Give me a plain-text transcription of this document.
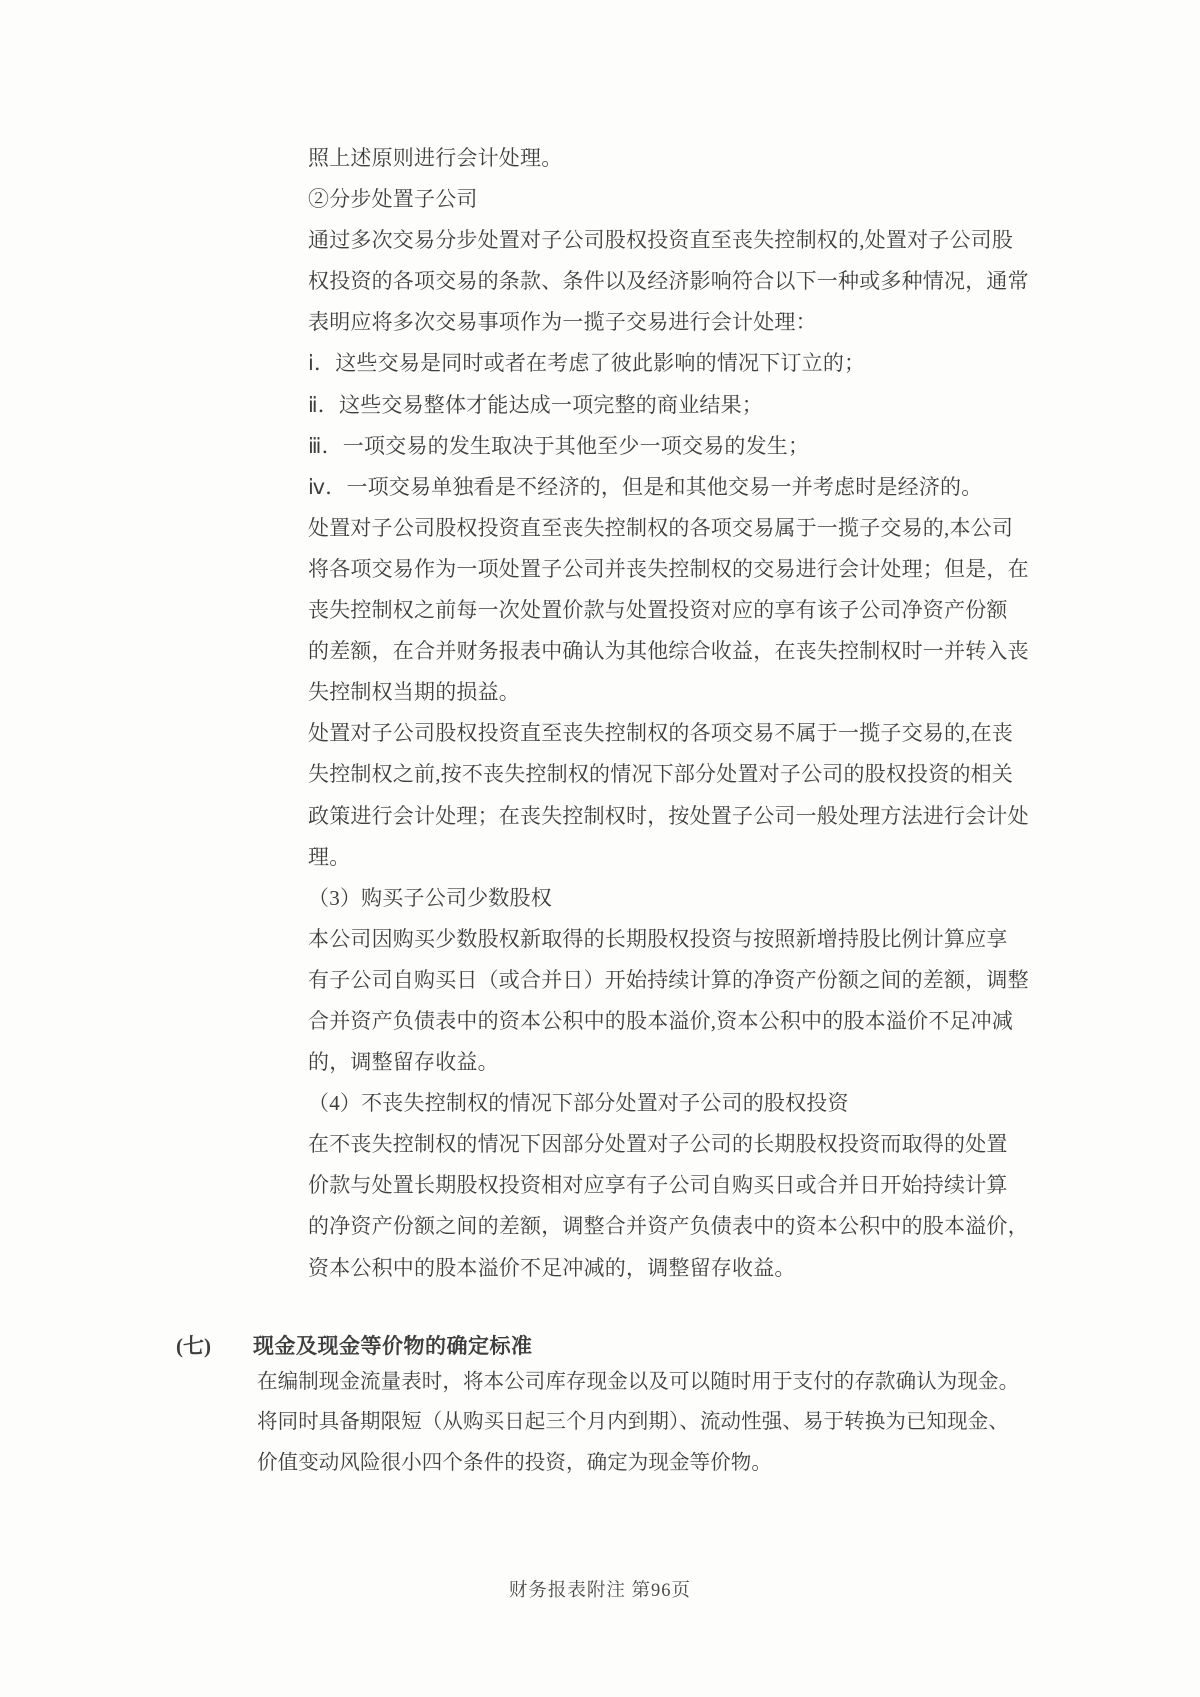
照上述原则进行会计处理。
②分步处置子公司
通过多次交易分步处置对子公司股权投资直至丧失控制权的,处置对子公司股
权投资的各项交易的条款、条件以及经济影响符合以下一种或多种情况，通常
表明应将多次交易事项作为一揽子交易进行会计处理：
ⅰ．这些交易是同时或者在考虑了彼此影响的情况下订立的；
ⅱ．这些交易整体才能达成一项完整的商业结果；
ⅲ．一项交易的发生取决于其他至少一项交易的发生；
ⅳ．一项交易单独看是不经济的，但是和其他交易一并考虑时是经济的。
处置对子公司股权投资直至丧失控制权的各项交易属于一揽子交易的,本公司
将各项交易作为一项处置子公司并丧失控制权的交易进行会计处理；但是，在
丧失控制权之前每一次处置价款与处置投资对应的享有该子公司净资产份额
的差额，在合并财务报表中确认为其他综合收益，在丧失控制权时一并转入丧
失控制权当期的损益。
处置对子公司股权投资直至丧失控制权的各项交易不属于一揽子交易的,在丧
失控制权之前,按不丧失控制权的情况下部分处置对子公司的股权投资的相关
政策进行会计处理；在丧失控制权时，按处置子公司一般处理方法进行会计处
理。
（3）购买子公司少数股权
本公司因购买少数股权新取得的长期股权投资与按照新增持股比例计算应享
有子公司自购买日（或合并日）开始持续计算的净资产份额之间的差额，调整
合并资产负债表中的资本公积中的股本溢价,资本公积中的股本溢价不足冲减
的，调整留存收益。
（4）不丧失控制权的情况下部分处置对子公司的股权投资
在不丧失控制权的情况下因部分处置对子公司的长期股权投资而取得的处置
价款与处置长期股权投资相对应享有子公司自购买日或合并日开始持续计算
的净资产份额之间的差额，调整合并资产负债表中的资本公积中的股本溢价，
资本公积中的股本溢价不足冲减的，调整留存收益。
(七) 现金及现金等价物的确定标准
在编制现金流量表时，将本公司库存现金以及可以随时用于支付的存款确认为现金。
将同时具备期限短（从购买日起三个月内到期）、流动性强、易于转换为已知现金、
价值变动风险很小四个条件的投资，确定为现金等价物。
财务报表附注 第96页
